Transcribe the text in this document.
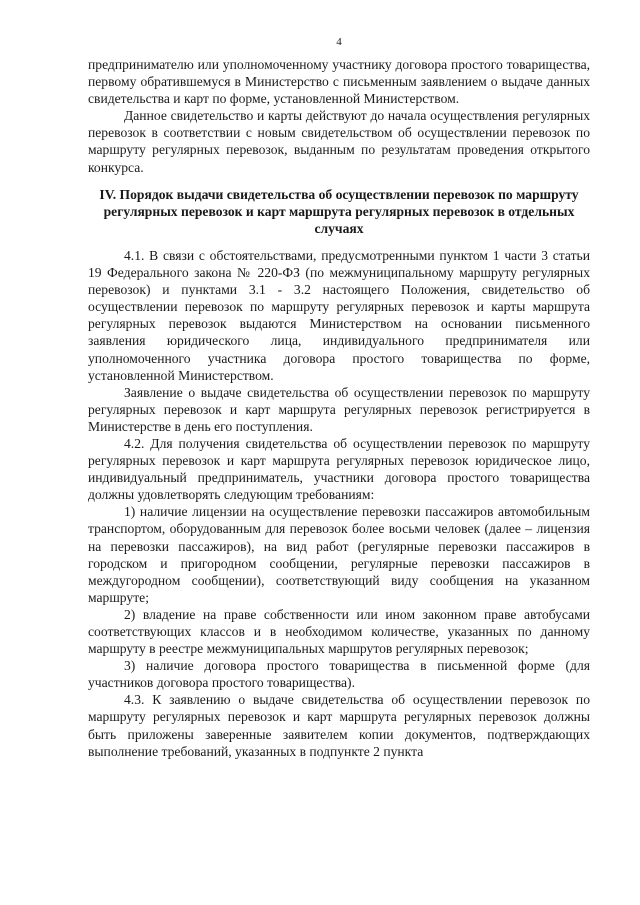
4

предпринимателю или уполномоченному участнику договора простого товарищества, первому обратившемуся в Министерство с письменным заявлением о выдаче данных свидетельства и карт по форме, установленной Министерством.

Данное свидетельство и карты действуют до начала осуществления регулярных перевозок в соответствии с новым свидетельством об осуществлении перевозок по маршруту регулярных перевозок, выданным по результатам проведения открытого конкурса.

IV. Порядок выдачи свидетельства об осуществлении перевозок по маршруту регулярных перевозок и карт маршрута регулярных перевозок в отдельных случаях

4.1. В связи с обстоятельствами, предусмотренными пунктом 1 части 3 статьи 19 Федерального закона № 220-ФЗ (по межмуниципальному маршруту регулярных перевозок) и пунктами 3.1 - 3.2 настоящего Положения, свидетельство об осуществлении перевозок по маршруту регулярных перевозок и карты маршрута регулярных перевозок выдаются Министерством на основании письменного заявления юридического лица, индивидуального предпринимателя или уполномоченного участника договора простого товарищества по форме, установленной Министерством.

Заявление о выдаче свидетельства об осуществлении перевозок по маршруту регулярных перевозок и карт маршрута регулярных перевозок регистрируется в Министерстве в день его поступления.

4.2. Для получения свидетельства об осуществлении перевозок по маршруту регулярных перевозок и карт маршрута регулярных перевозок юридическое лицо, индивидуальный предприниматель, участники договора простого товарищества должны удовлетворять следующим требованиям:

1) наличие лицензии на осуществление перевозки пассажиров автомобильным транспортом, оборудованным для перевозок более восьми человек (далее – лицензия на перевозки пассажиров), на вид работ (регулярные перевозки пассажиров в городском и пригородном сообщении, регулярные перевозки пассажиров в междугородном сообщении), соответствующий виду сообщения на указанном маршруте;

2) владение на праве собственности или ином законном праве автобусами соответствующих классов и в необходимом количестве, указанных по данному маршруту в реестре межмуниципальных маршрутов регулярных перевозок;

3) наличие договора простого товарищества в письменной форме (для участников договора простого товарищества).

4.3. К заявлению о выдаче свидетельства об осуществлении перевозок по маршруту регулярных перевозок и карт маршрута регулярных перевозок должны быть приложены заверенные заявителем копии документов, подтверждающих выполнение требований, указанных в подпункте 2 пункта
